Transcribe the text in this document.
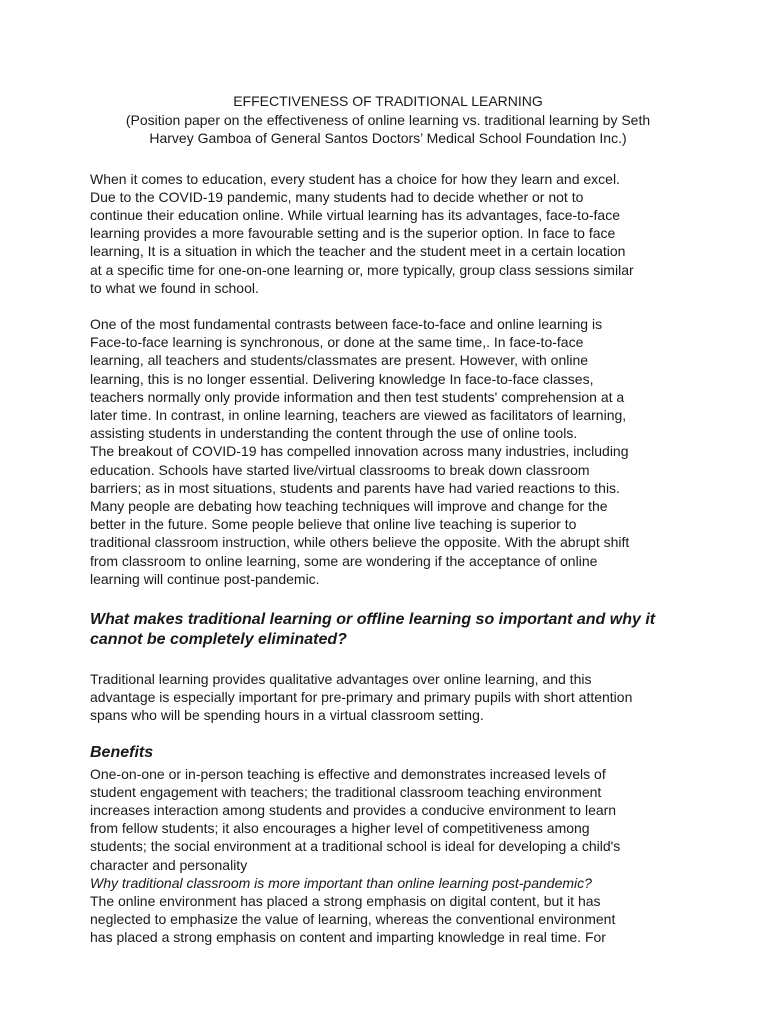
EFFECTIVENESS OF TRADITIONAL LEARNING
(Position paper on the effectiveness of online learning vs. traditional learning by Seth
Harvey Gamboa of General Santos Doctors’ Medical School Foundation Inc.)

When it comes to education, every student has a choice for how they learn and excel.
Due to the COVID-19 pandemic, many students had to decide whether or not to
continue their education online. While virtual learning has its advantages, face-to-face
learning provides a more favourable setting and is the superior option. In face to face
learning, It is a situation in which the teacher and the student meet in a certain location
at a specific time for one-on-one learning or, more typically, group class sessions similar
to what we found in school.

One of the most fundamental contrasts between face-to-face and online learning is
Face-to-face learning is synchronous, or done at the same time,. In face-to-face
learning, all teachers and students/classmates are present. However, with online
learning, this is no longer essential. Delivering knowledge In face-to-face classes,
teachers normally only provide information and then test students' comprehension at a
later time. In contrast, in online learning, teachers are viewed as facilitators of learning,
assisting students in understanding the content through the use of online tools.

The breakout of COVID-19 has compelled innovation across many industries, including
education. Schools have started live/virtual classrooms to break down classroom
barriers; as in most situations, students and parents have had varied reactions to this.
Many people are debating how teaching techniques will improve and change for the
better in the future. Some people believe that online live teaching is superior to
traditional classroom instruction, while others believe the opposite. With the abrupt shift
from classroom to online learning, some are wondering if the acceptance of online
learning will continue post-pandemic.

What makes traditional learning or offline learning so important and why it
cannot be completely eliminated?

Traditional learning provides qualitative advantages over online learning, and this
advantage is especially important for pre-primary and primary pupils with short attention
spans who will be spending hours in a virtual classroom setting.

Benefits

One-on-one or in-person teaching is effective and demonstrates increased levels of
student engagement with teachers; the traditional classroom teaching environment
increases interaction among students and provides a conducive environment to learn
from fellow students; it also encourages a higher level of competitiveness among
students; the social environment at a traditional school is ideal for developing a child's
character and personality

Why traditional classroom is more important than online learning post-pandemic?

The online environment has placed a strong emphasis on digital content, but it has
neglected to emphasize the value of learning, whereas the conventional environment
has placed a strong emphasis on content and imparting knowledge in real time. For
